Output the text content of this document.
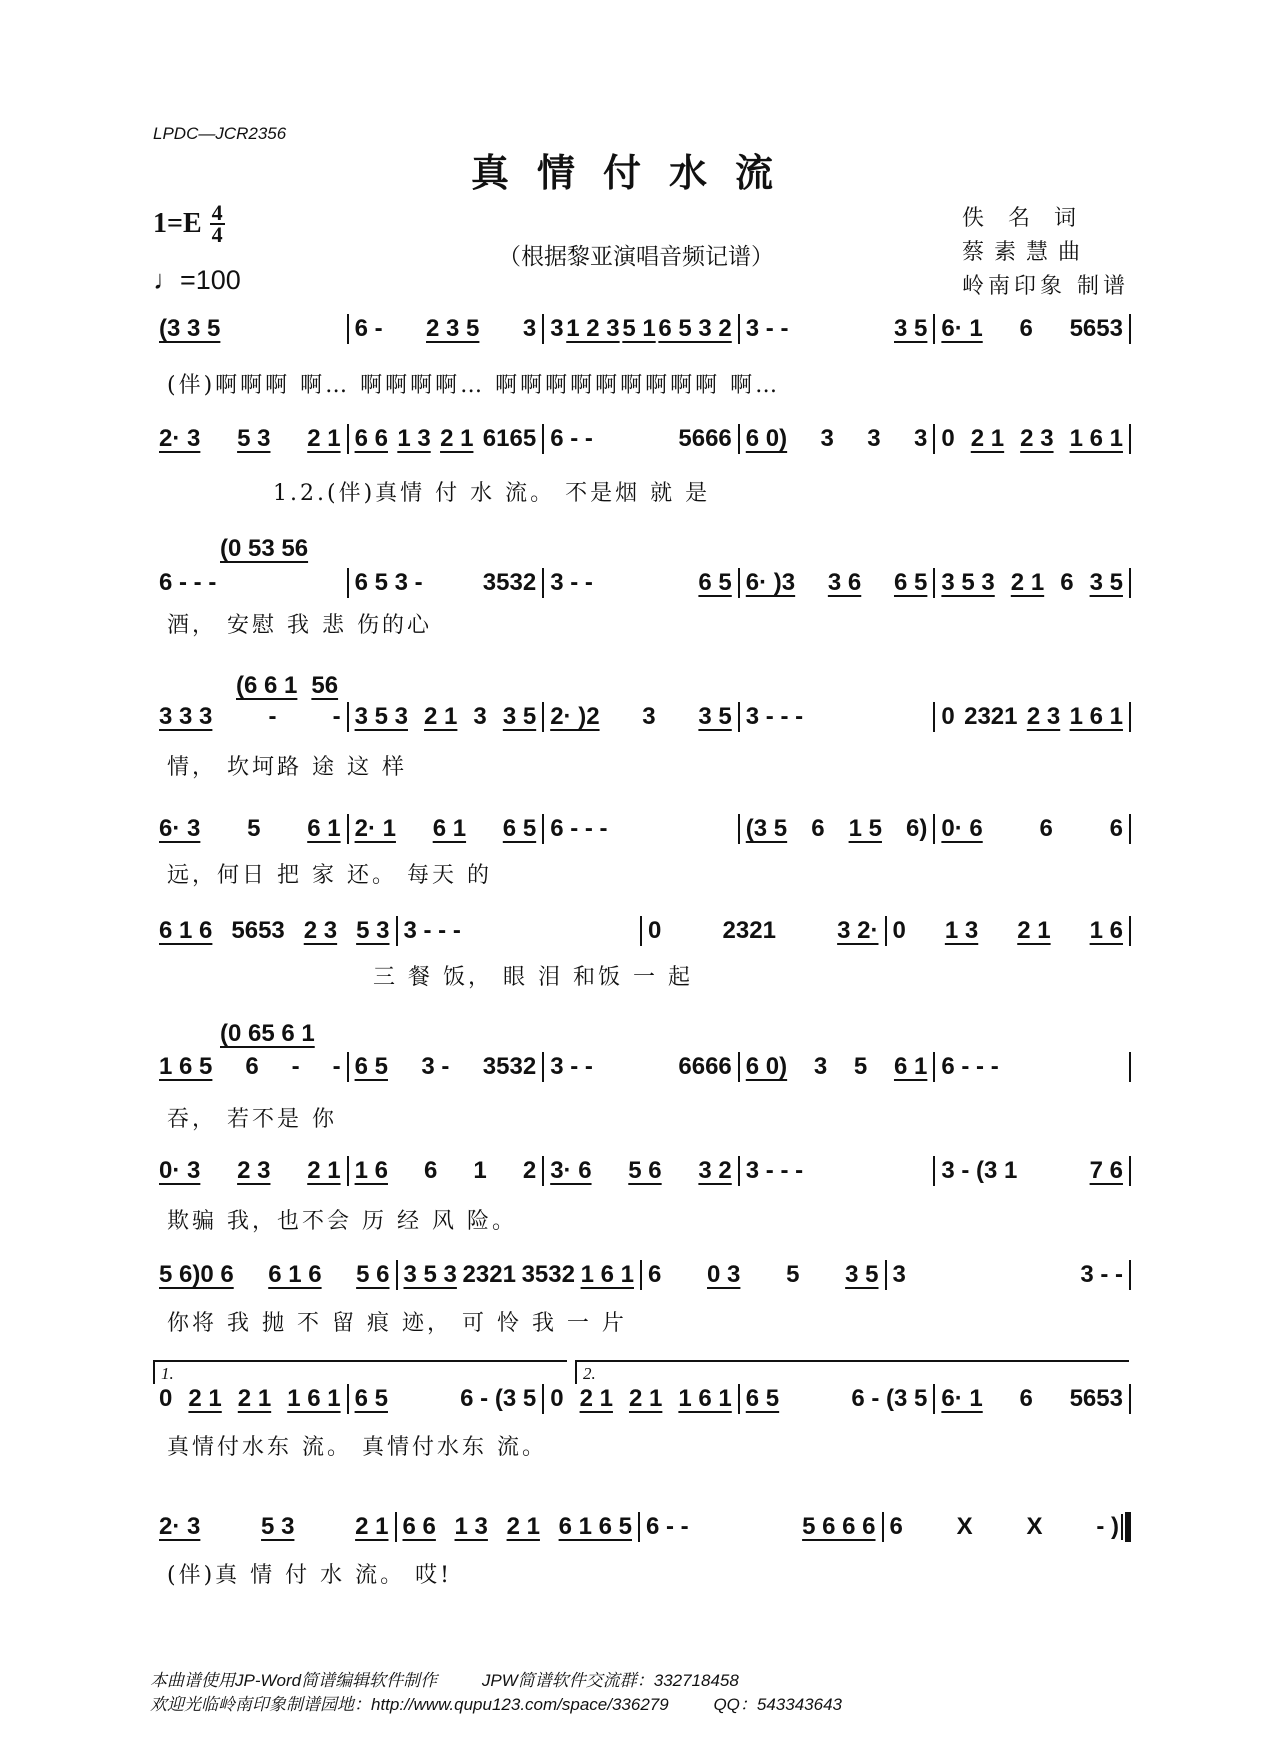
LPDC—JCR2356
真情付水流
$1=E \frac{4}{4}$
♩=100
（根据黎亚演唱音频记谱）
佚名词
蔡素慧曲
岭南印象 制谱
(3 3 5	6 - 2 3 5 3 3 1 2 3 5 1 6 5 3 2 3 - -	3 5 6· 1 6 5653
(伴)啊啊啊 啊… 啊啊啊啊… 啊啊啊啊啊啊啊啊啊 啊…
2· 3 5 3 2 1 6 6 1 3 2 1 6165 6 - -	5666 6 0) 3 3 3 0 2 1 2 3 1 6 1
1.2.(伴)真情 付 水 流。 不是烟 就 是
(0 53 56
6 - - -	6 5 3 -	3532 3 - -	6 5 6· )3 3 6 6 5 3 5 3 2 1 6 3 5
酒， 安慰 我 悲 伤的心
(6 6 1 56
3 3 3 - - 3 5 3 2 1 3 3 5 2· )2 3 3 5 3 - - -	0 2321 2 3 1 6 1
情， 坎坷路 途 这 样
6· 3 5 6 1 2· 1 6 1 6 5 6 - - -	(3 5 6 1 5 6) 0· 6 6 6
远，何日 把 家 还。 每天 的
6 1 6 5653 2 3 5 3 3 - - -	0	2321	3 2· 0 1 3 2 1 1 6
三 餐 饭， 眼 泪 和饭 一 起
(0 65 6 1
1 6 5 6 - - 6 5 3 - 3532 3 - -	6666 6 0) 3 5 6 1 6 - - -
吞， 若不是 你
0· 3 2 3 2 1 1 6 6 1 2 3· 6 5 6 3 2 3 - - -	3 - (3 1	7 6
欺骗 我，也不会 历 经 风 险。
5 6)0 6 6 1 6 5 6 3 5 3 2321 3532 1 6 1 6 0 3 5 3 5 3	3 - -
你将 我 抛 不 留 痕 迹， 可 怜 我 一 片
1.	2.
0 2 1 2 1 1 6 1 6 5	6 - (3 5 0 2 1 2 1 1 6 1 6 5	6 - (3 5 6· 1 6 5653
真情付水东 流。 真情付水东 流。
2· 3	5 3	2 1 6 6 1 3 2 1 6 1 6 5 6 - -	5 6 6 6 6 X X - )
(伴)真 情 付 水 流。 哎!
本曲谱使用JP-Word简谱编辑软件制作	JPW简谱软件交流群：332718458
欢迎光临岭南印象制谱园地：http://www.qupu123.com/space/336279	QQ：543343643
